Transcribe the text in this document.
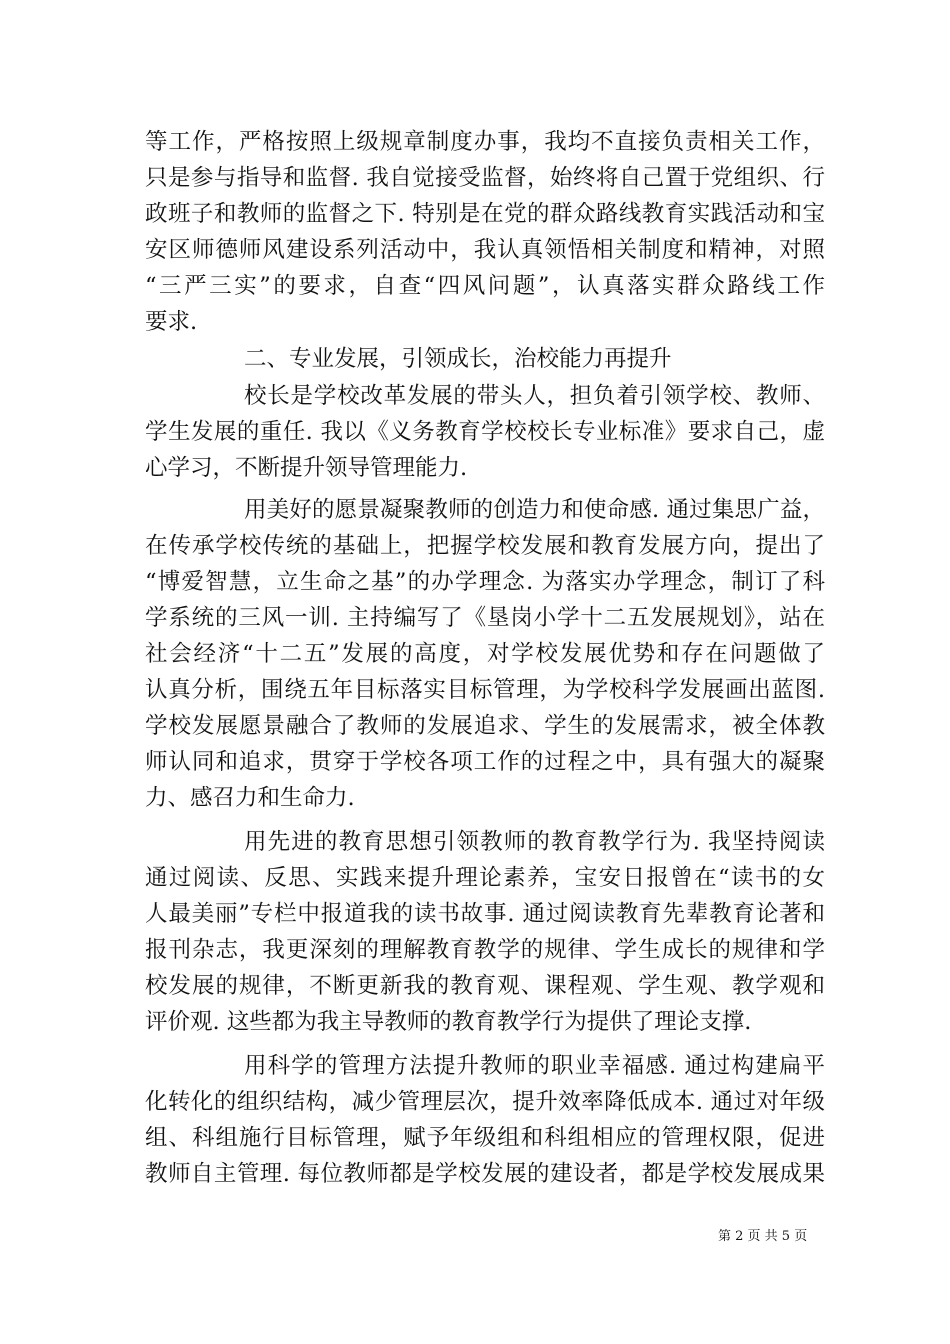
等工作，严格按照上级规章制度办事，我均不直接负责相关工作，
只是参与指导和监督. 我自觉接受监督，始终将自己置于党组织、行
政班子和教师的监督之下. 特别是在党的群众路线教育实践活动和宝
安区师德师风建设系列活动中，我认真领悟相关制度和精神，对照
“三严三实”的要求，自查“四风问题”，认真落实群众路线工作
要求.
二、专业发展，引领成长，治校能力再提升
校长是学校改革发展的带头人，担负着引领学校、教师、
学生发展的重任. 我以《义务教育学校校长专业标准》要求自己，虚
心学习，不断提升领导管理能力.
用美好的愿景凝聚教师的创造力和使命感. 通过集思广益，
在传承学校传统的基础上，把握学校发展和教育发展方向，提出了
“博爱智慧，立生命之基”的办学理念. 为落实办学理念，制订了科
学系统的三风一训. 主持编写了《垦岗小学十二五发展规划》，站在
社会经济“十二五”发展的高度，对学校发展优势和存在问题做了
认真分析，围绕五年目标落实目标管理，为学校科学发展画出蓝图.
学校发展愿景融合了教师的发展追求、学生的发展需求，被全体教
师认同和追求，贯穿于学校各项工作的过程之中，具有强大的凝聚
力、感召力和生命力.
用先进的教育思想引领教师的教育教学行为. 我坚持阅读
通过阅读、反思、实践来提升理论素养，宝安日报曾在“读书的女
人最美丽”专栏中报道我的读书故事. 通过阅读教育先辈教育论著和
报刊杂志，我更深刻的理解教育教学的规律、学生成长的规律和学
校发展的规律，不断更新我的教育观、课程观、学生观、教学观和
评价观. 这些都为我主导教师的教育教学行为提供了理论支撑.
用科学的管理方法提升教师的职业幸福感. 通过构建扁平
化转化的组织结构，减少管理层次，提升效率降低成本. 通过对年级
组、科组施行目标管理，赋予年级组和科组相应的管理权限，促进
教师自主管理. 每位教师都是学校发展的建设者，都是学校发展成果
第 2 页 共 5 页
